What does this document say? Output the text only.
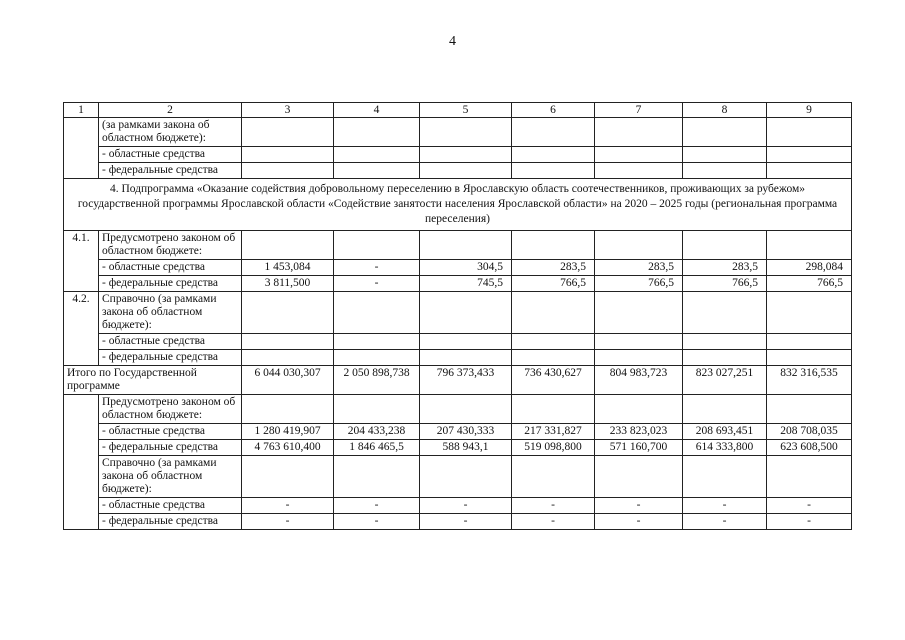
4
1	2	3	4	5	6	7	8	9
	(за рамками закона об областном бюджете):							
	- областные средства							
	- федеральные средства							
4. Подпрограмма «Оказание содействия добровольному переселению в Ярославскую область соотечественников, проживающих за рубежом» государственной программы Ярославской области «Содействие занятости населения Ярославской области» на 2020 – 2025 годы (региональная программа переселения)								
4.1.	Предусмотрено законом об областном бюджете:							
	- областные средства	1 453,084	-	304,5	283,5	283,5	283,5	298,084
	- федеральные средства	3 811,500	-	745,5	766,5	766,5	766,5	766,5
4.2.	Справочно (за рамками закона об областном бюджете):							
	- областные средства							
	- федеральные средства							
Итого по Государственной программе		6 044 030,307	2 050 898,738	796 373,433	736 430,627	804 983,723	823 027,251	832 316,535
	Предусмотрено законом об областном бюджете:							
	- областные средства	1 280 419,907	204 433,238	207 430,333	217 331,827	233 823,023	208 693,451	208 708,035
	- федеральные средства	4 763 610,400	1 846 465,5	588 943,1	519 098,800	571 160,700	614 333,800	623 608,500
	Справочно (за рамками закона об областном бюджете):							
	- областные средства	-	-	-	-	-	-	-
	- федеральные средства	-	-	-	-	-	-	-
